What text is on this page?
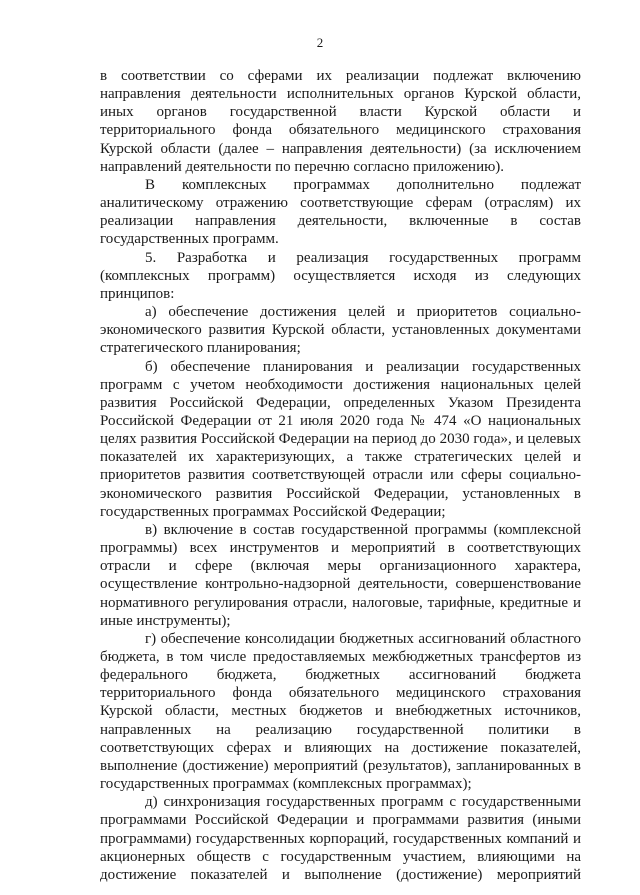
2

в соответствии со сферами их реализации подлежат включению направления деятельности исполнительных органов Курской области, иных органов государственной власти Курской области и территориального фонда обязательного медицинского страхования Курской области (далее – направления деятельности) (за исключением направлений деятельности по перечню согласно приложению).

В комплексных программах дополнительно подлежат аналитическому отражению соответствующие сферам (отраслям) их реализации направления деятельности, включенные в состав государственных программ.

5. Разработка и реализация государственных программ (комплексных программ) осуществляется исходя из следующих принципов:

а) обеспечение достижения целей и приоритетов социально-экономического развития Курской области, установленных документами стратегического планирования;

б) обеспечение планирования и реализации государственных программ с учетом необходимости достижения национальных целей развития Российской Федерации, определенных Указом Президента Российской Федерации от 21 июля 2020 года № 474 «О национальных целях развития Российской Федерации на период до 2030 года», и целевых показателей их характеризующих, а также стратегических целей и приоритетов развития соответствующей отрасли или сферы социально-экономического развития Российской Федерации, установленных в государственных программах Российской Федерации;

в) включение в состав государственной программы (комплексной программы) всех инструментов и мероприятий в соответствующих отрасли и сфере (включая меры организационного характера, осуществление контрольно-надзорной деятельности, совершенствование нормативного регулирования отрасли, налоговые, тарифные, кредитные и иные инструменты);

г) обеспечение консолидации бюджетных ассигнований областного бюджета, в том числе предоставляемых межбюджетных трансфертов из федерального бюджета, бюджетных ассигнований бюджета территориального фонда обязательного медицинского страхования Курской области, местных бюджетов и внебюджетных источников, направленных на реализацию государственной политики в соответствующих сферах и влияющих на достижение показателей, выполнение (достижение) мероприятий (результатов), запланированных в государственных программах (комплексных программах);

д) синхронизация государственных программ с государственными программами Российской Федерации и программами развития (иными программами) государственных корпораций, государственных компаний и акционерных обществ с государственным участием, влияющими на достижение показателей и выполнение (достижение) мероприятий
